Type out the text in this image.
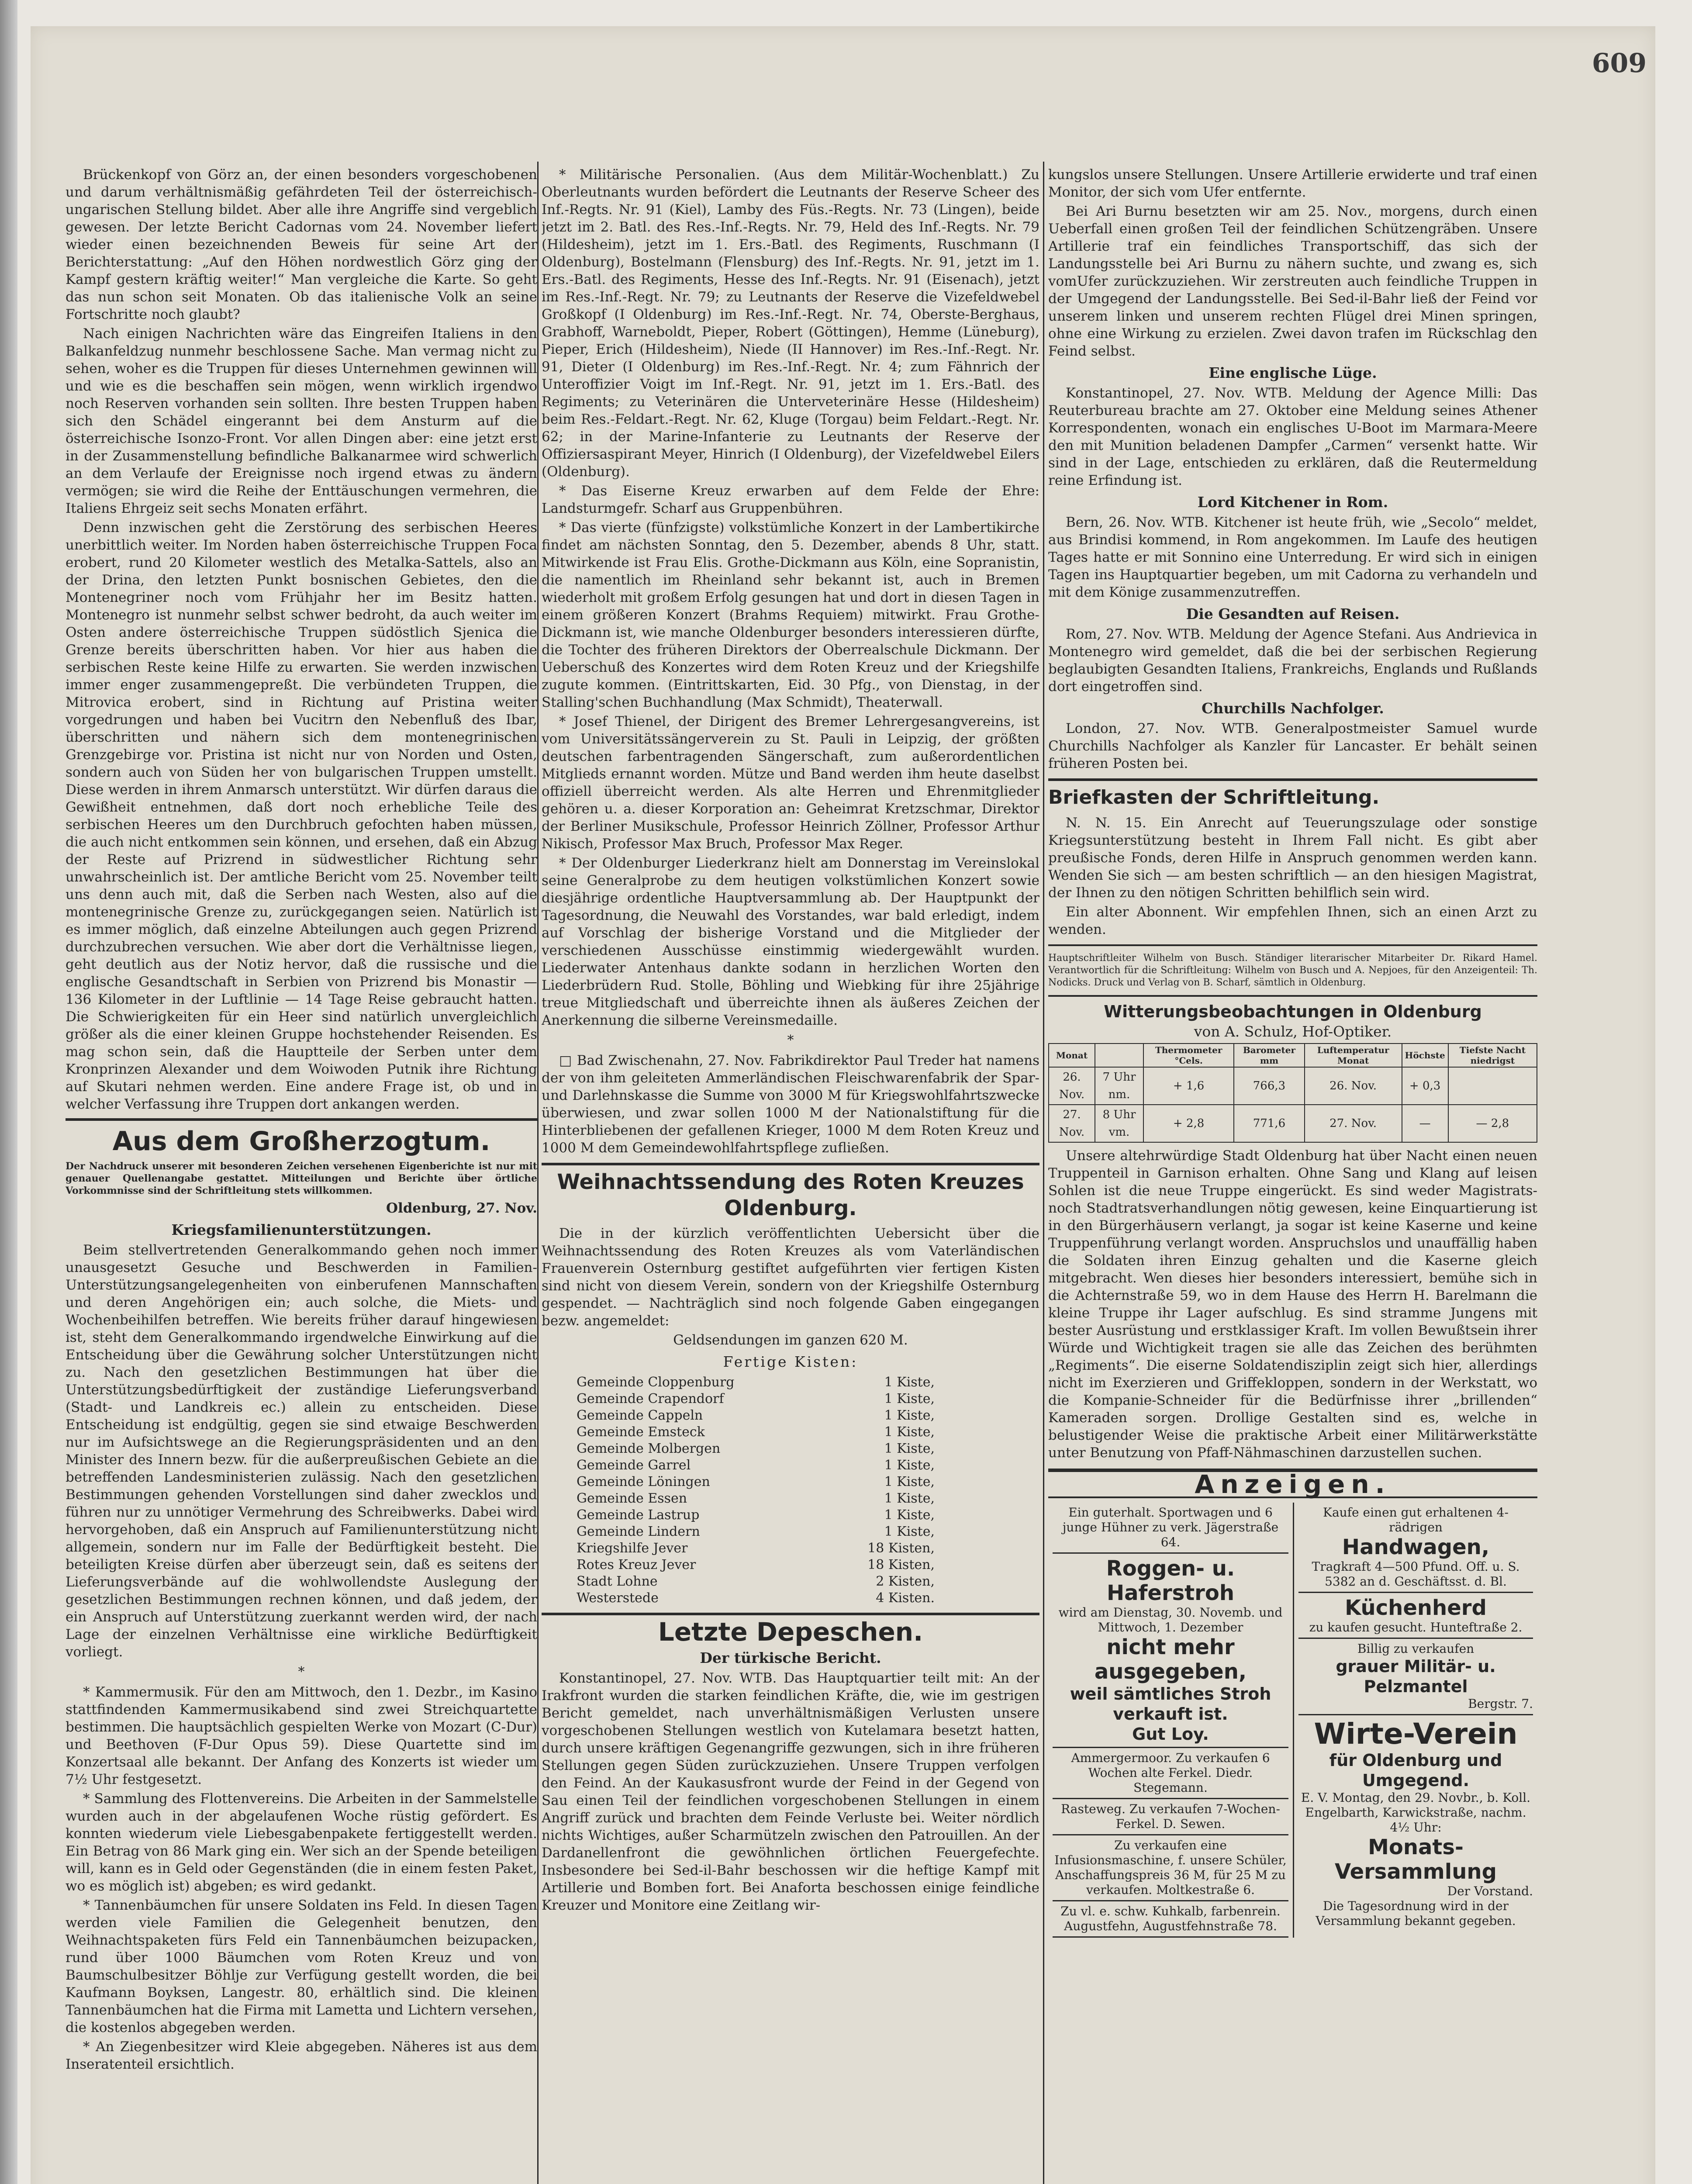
609

Brückenkopf von Görz an, der einen besonders vorgeschobenen und darum verhältnismäßig gefährdeten Teil der österreichisch-ungarischen Stellung bildet. Aber alle ihre Angriffe sind vergeblich gewesen. Der letzte Bericht Cadornas vom 24. November liefert wieder einen bezeichnenden Beweis für seine Art der Berichterstattung: „Auf den Höhen nordwestlich Görz ging der Kampf gestern kräftig weiter!“ Man vergleiche die Karte. So geht das nun schon seit Monaten. Ob das italienische Volk an seine Fortschritte noch glaubt?

Nach einigen Nachrichten wäre das Eingreifen Italiens in den Balkanfeldzug nunmehr beschlossene Sache. Man vermag nicht zu sehen, woher es die Truppen für dieses Unternehmen gewinnen will und wie es die beschaffen sein mögen, wenn wirklich irgendwo noch Reserven vorhanden sein sollten. Ihre besten Truppen haben sich den Schädel eingerannt bei dem Ansturm auf die österreichische Isonzo-Front. Vor allen Dingen aber: eine jetzt erst in der Zusammenstellung befindliche Balkanarmee wird schwerlich an dem Verlaufe der Ereignisse noch irgend etwas zu ändern vermögen; sie wird die Reihe der Enttäuschungen vermehren, die Italiens Ehrgeiz seit sechs Monaten erfährt.

Denn inzwischen geht die Zerstörung des serbischen Heeres unerbittlich weiter. Im Norden haben österreichische Truppen Foca erobert, rund 20 Kilometer westlich des Metalka-Sattels, also an der Drina, den letzten Punkt bosnischen Gebietes, den die Montenegriner noch vom Frühjahr her im Besitz hatten. Montenegro ist nunmehr selbst schwer bedroht, da auch weiter im Osten andere österreichische Truppen südöstlich Sjenica die Grenze bereits überschritten haben. Vor hier aus haben die serbischen Reste keine Hilfe zu erwarten. Sie werden inzwischen immer enger zusammengepreßt. Die verbündeten Truppen, die Mitrovica erobert, sind in Richtung auf Pristina weiter vorgedrungen und haben bei Vucitrn den Nebenfluß des Ibar, überschritten und nähern sich dem montenegrinischen Grenzgebirge vor. Pristina ist nicht nur von Norden und Osten, sondern auch von Süden her von bulgarischen Truppen umstellt. Diese werden in ihrem Anmarsch unterstützt. Wir dürfen daraus die Gewißheit entnehmen, daß dort noch erhebliche Teile des serbischen Heeres um den Durchbruch gefochten haben müssen, die auch nicht entkommen sein können, und ersehen, daß ein Abzug der Reste auf Prizrend in südwestlicher Richtung sehr unwahrscheinlich ist. Der amtliche Bericht vom 25. November teilt uns denn auch mit, daß die Serben nach Westen, also auf die montenegrinische Grenze zu, zurückgegangen seien. Natürlich ist es immer möglich, daß einzelne Abteilungen auch gegen Prizrend durchzubrechen versuchen. Wie aber dort die Verhältnisse liegen, geht deutlich aus der Notiz hervor, daß die russische und die englische Gesandtschaft in Serbien von Prizrend bis Monastir — 136 Kilometer in der Luftlinie — 14 Tage Reise gebraucht hatten. Die Schwierigkeiten für ein Heer sind natürlich unvergleichlich größer als die einer kleinen Gruppe hochstehender Reisenden. Es mag schon sein, daß die Hauptteile der Serben unter dem Kronprinzen Alexander und dem Woiwoden Putnik ihre Richtung auf Skutari nehmen werden. Eine andere Frage ist, ob und in welcher Verfassung ihre Truppen dort ankangen werden.

Aus dem Großherzogtum.
Der Nachdruck unserer mit besonderen Zeichen versehenen Eigenberichte ist nur mit genauer Quellenangabe gestattet. Mitteilungen und Berichte über örtliche Vorkommnisse sind der Schriftleitung stets willkommen.
Oldenburg, 27. Nov.
Kriegsfamilienunterstützungen.

Beim stellvertretenden Generalkommando gehen noch immer unausgesetzt Gesuche und Beschwerden in Familien-Unterstützungsangelegenheiten von einberufenen Mannschaften und deren Angehörigen ein; auch solche, die Miets- und Wochenbeihilfen betreffen. Wie bereits früher darauf hingewiesen ist, steht dem Generalkommando irgendwelche Einwirkung auf die Entscheidung über die Gewährung solcher Unterstützungen nicht zu. Nach den gesetzlichen Bestimmungen hat über die Unterstützungsbedürftigkeit der zuständige Lieferungsverband (Stadt- und Landkreis ec.) allein zu entscheiden. Diese Entscheidung ist endgültig, gegen sie sind etwaige Beschwerden nur im Aufsichtswege an die Regierungspräsidenten und an den Minister des Innern bezw. für die außerpreußischen Gebiete an die betreffenden Landesministerien zulässig. Nach den gesetzlichen Bestimmungen gehenden Vorstellungen sind daher zwecklos und führen nur zu unnötiger Vermehrung des Schreibwerks. Dabei wird hervorgehoben, daß ein Anspruch auf Familienunterstützung nicht allgemein, sondern nur im Falle der Bedürftigkeit besteht. Die beteiligten Kreise dürfen aber überzeugt sein, daß es seitens der Lieferungsverbände auf die wohlwollendste Auslegung der gesetzlichen Bestimmungen rechnen können, und daß jedem, der ein Anspruch auf Unterstützung zuerkannt werden wird, der nach Lage der einzelnen Verhältnisse eine wirkliche Bedürftigkeit vorliegt.

*

* Kammermusik. Für den am Mittwoch, den 1. Dezbr., im Kasino stattfindenden Kammermusikabend sind zwei Streichquartette bestimmen. Die hauptsächlich gespielten Werke von Mozart (C-Dur) und Beethoven (F-Dur Opus 59). Diese Quartette sind im Konzertsaal alle bekannt. Der Anfang des Konzerts ist wieder um 7½ Uhr festgesetzt.

* Sammlung des Flottenvereins. Die Arbeiten in der Sammelstelle wurden auch in der abgelaufenen Woche rüstig gefördert. Es konnten wiederum viele Liebesgabenpakete fertiggestellt werden. Ein Betrag von 86 Mark ging ein. Wer sich an der Spende beteiligen will, kann es in Geld oder Gegenständen (die in einem festen Paket, wo es möglich ist) abgeben; es wird gedankt.

* Tannenbäumchen für unsere Soldaten ins Feld. In diesen Tagen werden viele Familien die Gelegenheit benutzen, den Weihnachtspaketen fürs Feld ein Tannenbäumchen beizupacken, rund über 1000 Bäumchen vom Roten Kreuz und von Baumschulbesitzer Böhlje zur Verfügung gestellt worden, die bei Kaufmann Boyksen, Langestr. 80, erhältlich sind. Die kleinen Tannenbäumchen hat die Firma mit Lametta und Lichtern versehen, die kostenlos abgegeben werden.

* An Ziegenbesitzer wird Kleie abgegeben. Näheres ist aus dem Inseratenteil ersichtlich.

* Militärische Personalien. (Aus dem Militär-Wochenblatt.) Zu Oberleutnants wurden befördert die Leutnants der Reserve Scheer des Inf.-Regts. Nr. 91 (Kiel), Lamby des Füs.-Regts. Nr. 73 (Lingen), beide jetzt im 2. Batl. des Res.-Inf.-Regts. Nr. 79, Held des Inf.-Regts. Nr. 79 (Hildesheim), jetzt im 1. Ers.-Batl. des Regiments, Ruschmann (I Oldenburg), Bostelmann (Flensburg) des Inf.-Regts. Nr. 91, jetzt im 1. Ers.-Batl. des Regiments, Hesse des Inf.-Regts. Nr. 91 (Eisenach), jetzt im Res.-Inf.-Regt. Nr. 79; zu Leutnants der Reserve die Vizefeldwebel Großkopf (I Oldenburg) im Res.-Inf.-Regt. Nr. 74, Oberste-Berghaus, Grabhoff, Warneboldt, Pieper, Robert (Göttingen), Hemme (Lüneburg), Pieper, Erich (Hildesheim), Niede (II Hannover) im Res.-Inf.-Regt. Nr. 91, Dieter (I Oldenburg) im Res.-Inf.-Regt. Nr. 4; zum Fähnrich der Unteroffizier Voigt im Inf.-Regt. Nr. 91, jetzt im 1. Ers.-Batl. des Regiments; zu Veterinären die Unterveterinäre Hesse (Hildesheim) beim Res.-Feldart.-Regt. Nr. 62, Kluge (Torgau) beim Feldart.-Regt. Nr. 62; in der Marine-Infanterie zu Leutnants der Reserve der Offiziersaspirant Meyer, Hinrich (I Oldenburg), der Vizefeldwebel Eilers (Oldenburg).

* Das Eiserne Kreuz erwarben auf dem Felde der Ehre: Landsturmgefr. Scharf aus Gruppenbühren.

* Das vierte (fünfzigste) volkstümliche Konzert in der Lambertikirche findet am nächsten Sonntag, den 5. Dezember, abends 8 Uhr, statt. Mitwirkende ist Frau Elis. Grothe-Dickmann aus Köln, eine Sopranistin, die namentlich im Rheinland sehr bekannt ist, auch in Bremen wiederholt mit großem Erfolg gesungen hat und dort in diesen Tagen in einem größeren Konzert (Brahms Requiem) mitwirkt. Frau Grothe-Dickmann ist, wie manche Oldenburger besonders interessieren dürfte, die Tochter des früheren Direktors der Oberrealschule Dickmann. Der Ueberschuß des Konzertes wird dem Roten Kreuz und der Kriegshilfe zugute kommen. (Eintrittskarten, Eid. 30 Pfg., von Dienstag, in der Stalling'schen Buchhandlung (Max Schmidt), Theaterwall.

* Josef Thienel, der Dirigent des Bremer Lehrergesangvereins, ist vom Universitätssängerverein zu St. Pauli in Leipzig, der größten deutschen farbentragenden Sängerschaft, zum außerordentlichen Mitglieds ernannt worden. Mütze und Band werden ihm heute daselbst offiziell überreicht werden. Als alte Herren und Ehrenmitglieder gehören u. a. dieser Korporation an: Geheimrat Kretzschmar, Direktor der Berliner Musikschule, Professor Heinrich Zöllner, Professor Arthur Nikisch, Professor Max Bruch, Professor Max Reger.

* Der Oldenburger Liederkranz hielt am Donnerstag im Vereinslokal seine Generalprobe zu dem heutigen volkstümlichen Konzert sowie diesjährige ordentliche Hauptversammlung ab. Der Hauptpunkt der Tagesordnung, die Neuwahl des Vorstandes, war bald erledigt, indem auf Vorschlag der bisherige Vorstand und die Mitglieder der verschiedenen Ausschüsse einstimmig wiedergewählt wurden. Liederwater Antenhaus dankte sodann in herzlichen Worten den Liederbrüdern Rud. Stolle, Böhling und Wiebking für ihre 25jährige treue Mitgliedschaft und überreichte ihnen als äußeres Zeichen der Anerkennung die silberne Vereinsmedaille.

*

□ Bad Zwischenahn, 27. Nov. Fabrikdirektor Paul Treder hat namens der von ihm geleiteten Ammerländischen Fleischwarenfabrik der Spar- und Darlehnskasse die Summe von 3000 M für Kriegswohlfahrtszwecke überwiesen, und zwar sollen 1000 M der Nationalstiftung für die Hinterbliebenen der gefallenen Krieger, 1000 M dem Roten Kreuz und 1000 M dem Gemeindewohlfahrtspflege zufließen.

Weihnachtssendung des Roten Kreuzes
Oldenburg.

Die in der kürzlich veröffentlichten Uebersicht über die Weihnachtssendung des Roten Kreuzes als vom Vaterländischen Frauenverein Osternburg gestiftet aufgeführten vier fertigen Kisten sind nicht von diesem Verein, sondern von der Kriegshilfe Osternburg gespendet. — Nachträglich sind noch folgende Gaben eingegangen bezw. angemeldet:

Geldsendungen im ganzen 620 M.

Fertige Kisten:
Gemeinde Cloppenburg	1 Kiste,
Gemeinde Crapendorf	1 Kiste,
Gemeinde Cappeln	1 Kiste,
Gemeinde Emsteck	1 Kiste,
Gemeinde Molbergen	1 Kiste,
Gemeinde Garrel	1 Kiste,
Gemeinde Löningen	1 Kiste,
Gemeinde Essen	1 Kiste,
Gemeinde Lastrup	1 Kiste,
Gemeinde Lindern	1 Kiste,
Kriegshilfe Jever	18 Kisten,
Rotes Kreuz Jever	18 Kisten,
Stadt Lohne	2 Kisten,
Westerstede	4 Kisten.
Letzte Depeschen.
Der türkische Bericht.

Konstantinopel, 27. Nov. WTB. Das Hauptquartier teilt mit: An der Irakfront wurden die starken feindlichen Kräfte, die, wie im gestrigen Bericht gemeldet, nach unverhältnismäßigen Verlusten unsere vorgeschobenen Stellungen westlich von Kutelamara besetzt hatten, durch unsere kräftigen Gegenangriffe gezwungen, sich in ihre früheren Stellungen gegen Süden zurückzuziehen. Unsere Truppen verfolgen den Feind. An der Kaukasusfront wurde der Feind in der Gegend von Sau einen Teil der feindlichen vorgeschobenen Stellungen in einem Angriff zurück und brachten dem Feinde Verluste bei. Weiter nördlich nichts Wichtiges, außer Scharmützeln zwischen den Patrouillen. An der Dardanellenfront die gewöhnlichen örtlichen Feuergefechte. Insbesondere bei Sed-il-Bahr beschossen wir die heftige Kampf mit Artillerie und Bomben fort. Bei Anaforta beschossen einige feindliche Kreuzer und Monitore eine Zeitlang wir-

kungslos unsere Stellungen. Unsere Artillerie erwiderte und traf einen Monitor, der sich vom Ufer entfernte.

Bei Ari Burnu besetzten wir am 25. Nov., morgens, durch einen Ueberfall einen großen Teil der feindlichen Schützengräben. Unsere Artillerie traf ein feindliches Transportschiff, das sich der Landungsstelle bei Ari Burnu zu nähern suchte, und zwang es, sich vomUfer zurückzuziehen. Wir zerstreuten auch feindliche Truppen in der Umgegend der Landungsstelle. Bei Sed-il-Bahr ließ der Feind vor unserem linken und unserem rechten Flügel drei Minen springen, ohne eine Wirkung zu erzielen. Zwei davon trafen im Rückschlag den Feind selbst.

Eine englische Lüge.

Konstantinopel, 27. Nov. WTB. Meldung der Agence Milli: Das Reuterbureau brachte am 27. Oktober eine Meldung seines Athener Korrespondenten, wonach ein englisches U-Boot im Marmara-Meere den mit Munition beladenen Dampfer „Carmen“ versenkt hatte. Wir sind in der Lage, entschieden zu erklären, daß die Reutermeldung reine Erfindung ist.

Lord Kitchener in Rom.

Bern, 26. Nov. WTB. Kitchener ist heute früh, wie „Secolo“ meldet, aus Brindisi kommend, in Rom angekommen. Im Laufe des heutigen Tages hatte er mit Sonnino eine Unterredung. Er wird sich in einigen Tagen ins Hauptquartier begeben, um mit Cadorna zu verhandeln und mit dem Könige zusammenzutreffen.

Die Gesandten auf Reisen.

Rom, 27. Nov. WTB. Meldung der Agence Stefani. Aus Andrievica in Montenegro wird gemeldet, daß die bei der serbischen Regierung beglaubigten Gesandten Italiens, Frankreichs, Englands und Rußlands dort eingetroffen sind.

Churchills Nachfolger.

London, 27. Nov. WTB. Generalpostmeister Samuel wurde Churchills Nachfolger als Kanzler für Lancaster. Er behält seinen früheren Posten bei.

Briefkasten der Schriftleitung.

N. N. 15. Ein Anrecht auf Teuerungszulage oder sonstige Kriegsunterstützung besteht in Ihrem Fall nicht. Es gibt aber preußische Fonds, deren Hilfe in Anspruch genommen werden kann. Wenden Sie sich — am besten schriftlich — an den hiesigen Magistrat, der Ihnen zu den nötigen Schritten behilflich sein wird.

Ein alter Abonnent. Wir empfehlen Ihnen, sich an einen Arzt zu wenden.

Hauptschriftleiter Wilhelm von Busch. Ständiger literarischer Mitarbeiter Dr. Rikard Hamel. Verantwortlich für die Schriftleitung: Wilhelm von Busch und A. Nepjoes, für den Anzeigenteil: Th. Nodicks. Druck und Verlag von B. Scharf, sämtlich in Oldenburg.
Witterungsbeobachtungen in Oldenburg
von A. Schulz, Hof-Optiker.
Monat		Thermometer °Cels.	Barometer mm	Luftemperatur Monat	Höchste	Tiefste Nacht niedrigst
26. Nov.	7 Uhr nm.	+ 1,6	766,3	26. Nov.	+ 0,3	
27. Nov.	8 Uhr vm.	+ 2,8	771,6	27. Nov.	—	— 2,8

Unsere altehrwürdige Stadt Oldenburg hat über Nacht einen neuen Truppenteil in Garnison erhalten. Ohne Sang und Klang auf leisen Sohlen ist die neue Truppe eingerückt. Es sind weder Magistrats- noch Stadtratsverhandlungen nötig gewesen, keine Einquartierung ist in den Bürgerhäusern verlangt, ja sogar ist keine Kaserne und keine Truppenführung verlangt worden. Anspruchslos und unauffällig haben die Soldaten ihren Einzug gehalten und die Kaserne gleich mitgebracht. Wen dieses hier besonders interessiert, bemühe sich in die Achternstraße 59, wo in dem Hause des Herrn H. Barelmann die kleine Truppe ihr Lager aufschlug. Es sind stramme Jungens mit bester Ausrüstung und erstklassiger Kraft. Im vollen Bewußtsein ihrer Würde und Wichtigkeit tragen sie alle das Zeichen des berühmten „Regiments“. Die eiserne Soldatendisziplin zeigt sich hier, allerdings nicht im Exerzieren und Griffekloppen, sondern in der Werkstatt, wo die Kompanie-Schneider für die Bedürfnisse ihrer „brillenden“ Kameraden sorgen. Drollige Gestalten sind es, welche in belustigender Weise die praktische Arbeit einer Militärwerkstätte unter Benutzung von Pfaff-Nähmaschinen darzustellen suchen.

Anzeigen.
Ein guterhalt. Sportwagen und 6 junge Hühner zu verk. Jägerstraße 64.
Roggen- u. Haferstroh
wird am Dienstag, 30. Novemb. und Mittwoch, 1. Dezember
nicht mehr ausgegeben,
weil sämtliches Stroh verkauft ist.
Gut Loy.
Ammergermoor. Zu verkaufen 6 Wochen alte Ferkel. Diedr. Stegemann.
Rasteweg. Zu verkaufen 7-Wochen-Ferkel. D. Sewen.
Zu verkaufen eine Infusionsmaschine, f. unsere Schüler, Anschaffungspreis 36 M, für 25 M zu verkaufen. Moltkestraße 6.
Zu vl. e. schw. Kuhkalb, farbenrein. Augustfehn, Augustfehnstraße 78.
Kaufe einen gut erhaltenen 4-rädrigen
Handwagen,
Tragkraft 4—500 Pfund. Off. u. S. 5382 an d. Geschäftsst. d. Bl.
Küchenherd
zu kaufen gesucht. Hunteftraße 2.
Billig zu verkaufen
grauer Militär- u. Pelzmantel
Bergstr. 7.
Wirte-Verein
für Oldenburg und Umgegend.
E. V. Montag, den 29. Novbr., b. Koll. Engelbarth, Karwickstraße, nachm. 4½ Uhr:
Monats-Versammlung
Der Vorstand.
Die Tagesordnung wird in der Versammlung bekannt gegeben.
